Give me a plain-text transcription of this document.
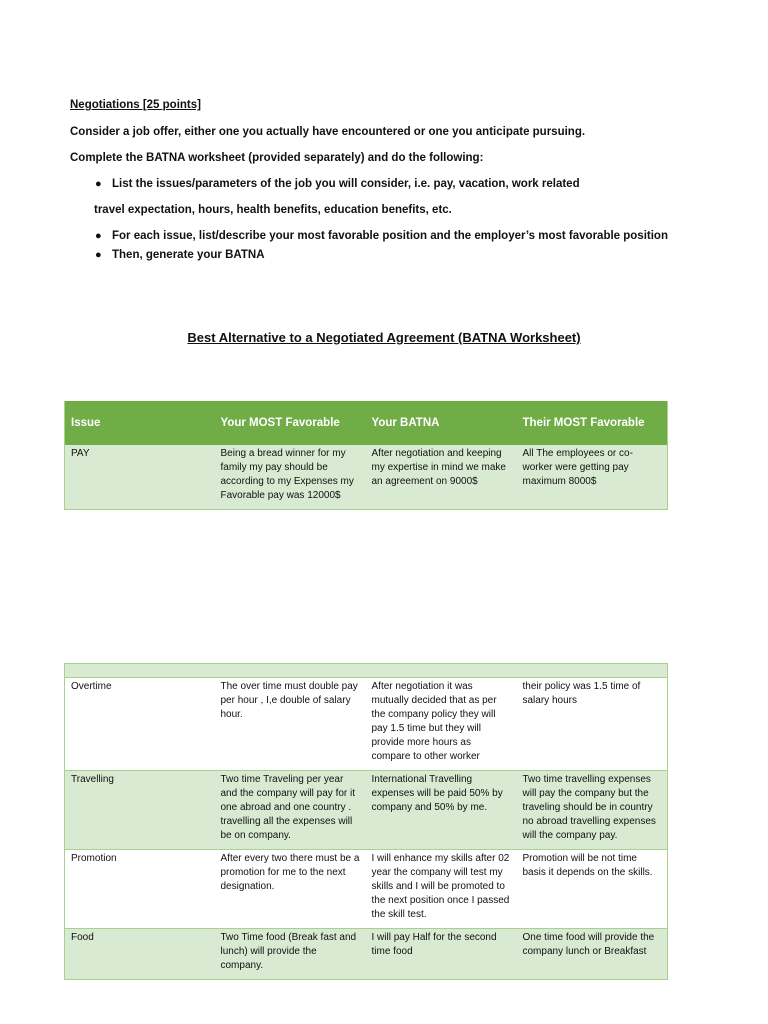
Negotiations [25 points]
Consider a job offer, either one you actually have encountered or one you anticipate pursuing.
Complete the BATNA worksheet (provided separately) and do the following:
● List the issues/parameters of the job you will consider, i.e. pay, vacation, work related
travel expectation, hours, health benefits, education benefits, etc.
● For each issue, list/describe your most favorable position and the employer’s most favorable position
● Then, generate your BATNA
Best Alternative to a Negotiated Agreement (BATNA Worksheet)
Issue	Your MOST Favorable	Your BATNA	Their MOST Favorable
PAY	Being a bread winner for my family my pay should be according to my Expenses my Favorable pay was 12000$	After negotiation and keeping my expertise in mind we make an agreement on 9000$	All The employees or co-worker were getting pay maximum 8000$

Overtime	The over time must double pay per hour , I,e double of salary hour.	After negotiation it was mutually decided that as per the company policy they will pay 1.5 time but they will provide more hours as compare to other worker	their policy was 1.5 time of salary hours
Travelling	Two time Traveling per year and the company will pay for it one abroad and one country . travelling all the expenses will be on company.	International Travelling expenses will be paid 50% by company and 50% by me.	Two time travelling expenses will pay the company but the traveling should be in country no abroad travelling expenses will the company pay.
Promotion	After every two there must be a promotion for me to the next designation.	I will enhance my skills after 02 year the company will test my skills and I will be promoted to the next position once I passed the skill test.	Promotion will be not time basis it depends on the skills.
Food	Two Time food (Break fast and lunch) will provide the company.	I will pay Half for the second time food	One time food will provide the company lunch or Breakfast
